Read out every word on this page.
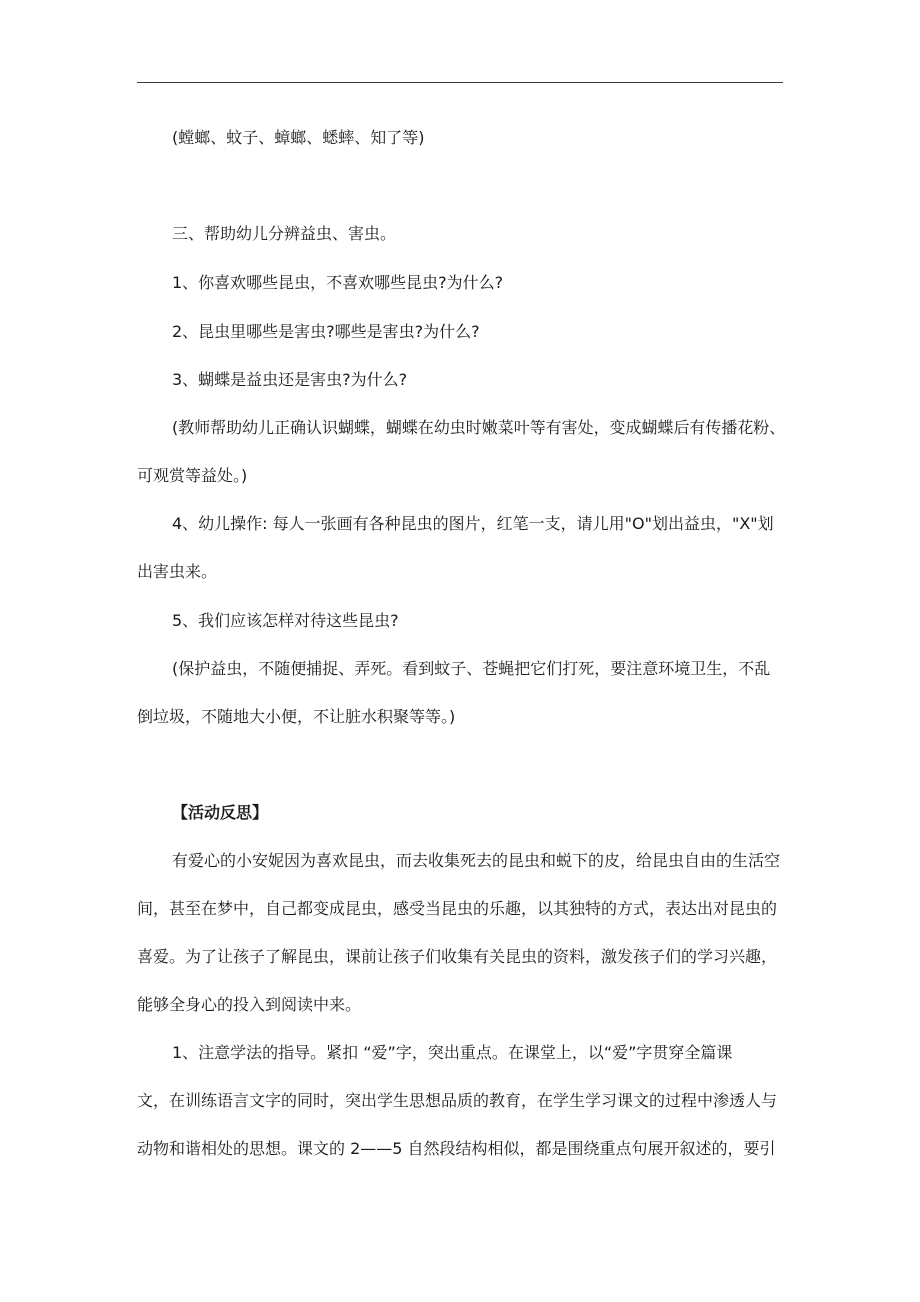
(螳螂、蚊子、蟑螂、蟋蟀、知了等)
三、帮助幼儿分辨益虫、害虫。
1、你喜欢哪些昆虫，不喜欢哪些昆虫?为什么?
2、昆虫里哪些是害虫?哪些是害虫?为什么?
3、蝴蝶是益虫还是害虫?为什么?
(教师帮助幼儿正确认识蝴蝶，蝴蝶在幼虫时嫩菜叶等有害处，变成蝴蝶后有传播花粉、
可观赏等益处。)
4、幼儿操作: 每人一张画有各种昆虫的图片，红笔一支，请儿用"O"划出益虫，"X"划
出害虫来。
5、我们应该怎样对待这些昆虫?
(保护益虫，不随便捕捉、弄死。看到蚊子、苍蝇把它们打死，要注意环境卫生，不乱
倒垃圾，不随地大小便，不让脏水积聚等等。)
【活动反思】
有爱心的小安妮因为喜欢昆虫，而去收集死去的昆虫和蜕下的皮，给昆虫自由的生活空
间，甚至在梦中，自己都变成昆虫，感受当昆虫的乐趣，以其独特的方式，表达出对昆虫的
喜爱。为了让孩子了解昆虫，课前让孩子们收集有关昆虫的资料，激发孩子们的学习兴趣，
能够全身心的投入到阅读中来。
1、注意学法的指导。紧扣 “爱”字，突出重点。在课堂上，以“爱”字贯穿全篇课
文，在训练语言文字的同时，突出学生思想品质的教育，在学生学习课文的过程中渗透人与
动物和谐相处的思想。课文的 2——5 自然段结构相似，都是围绕重点句展开叙述的，要引
